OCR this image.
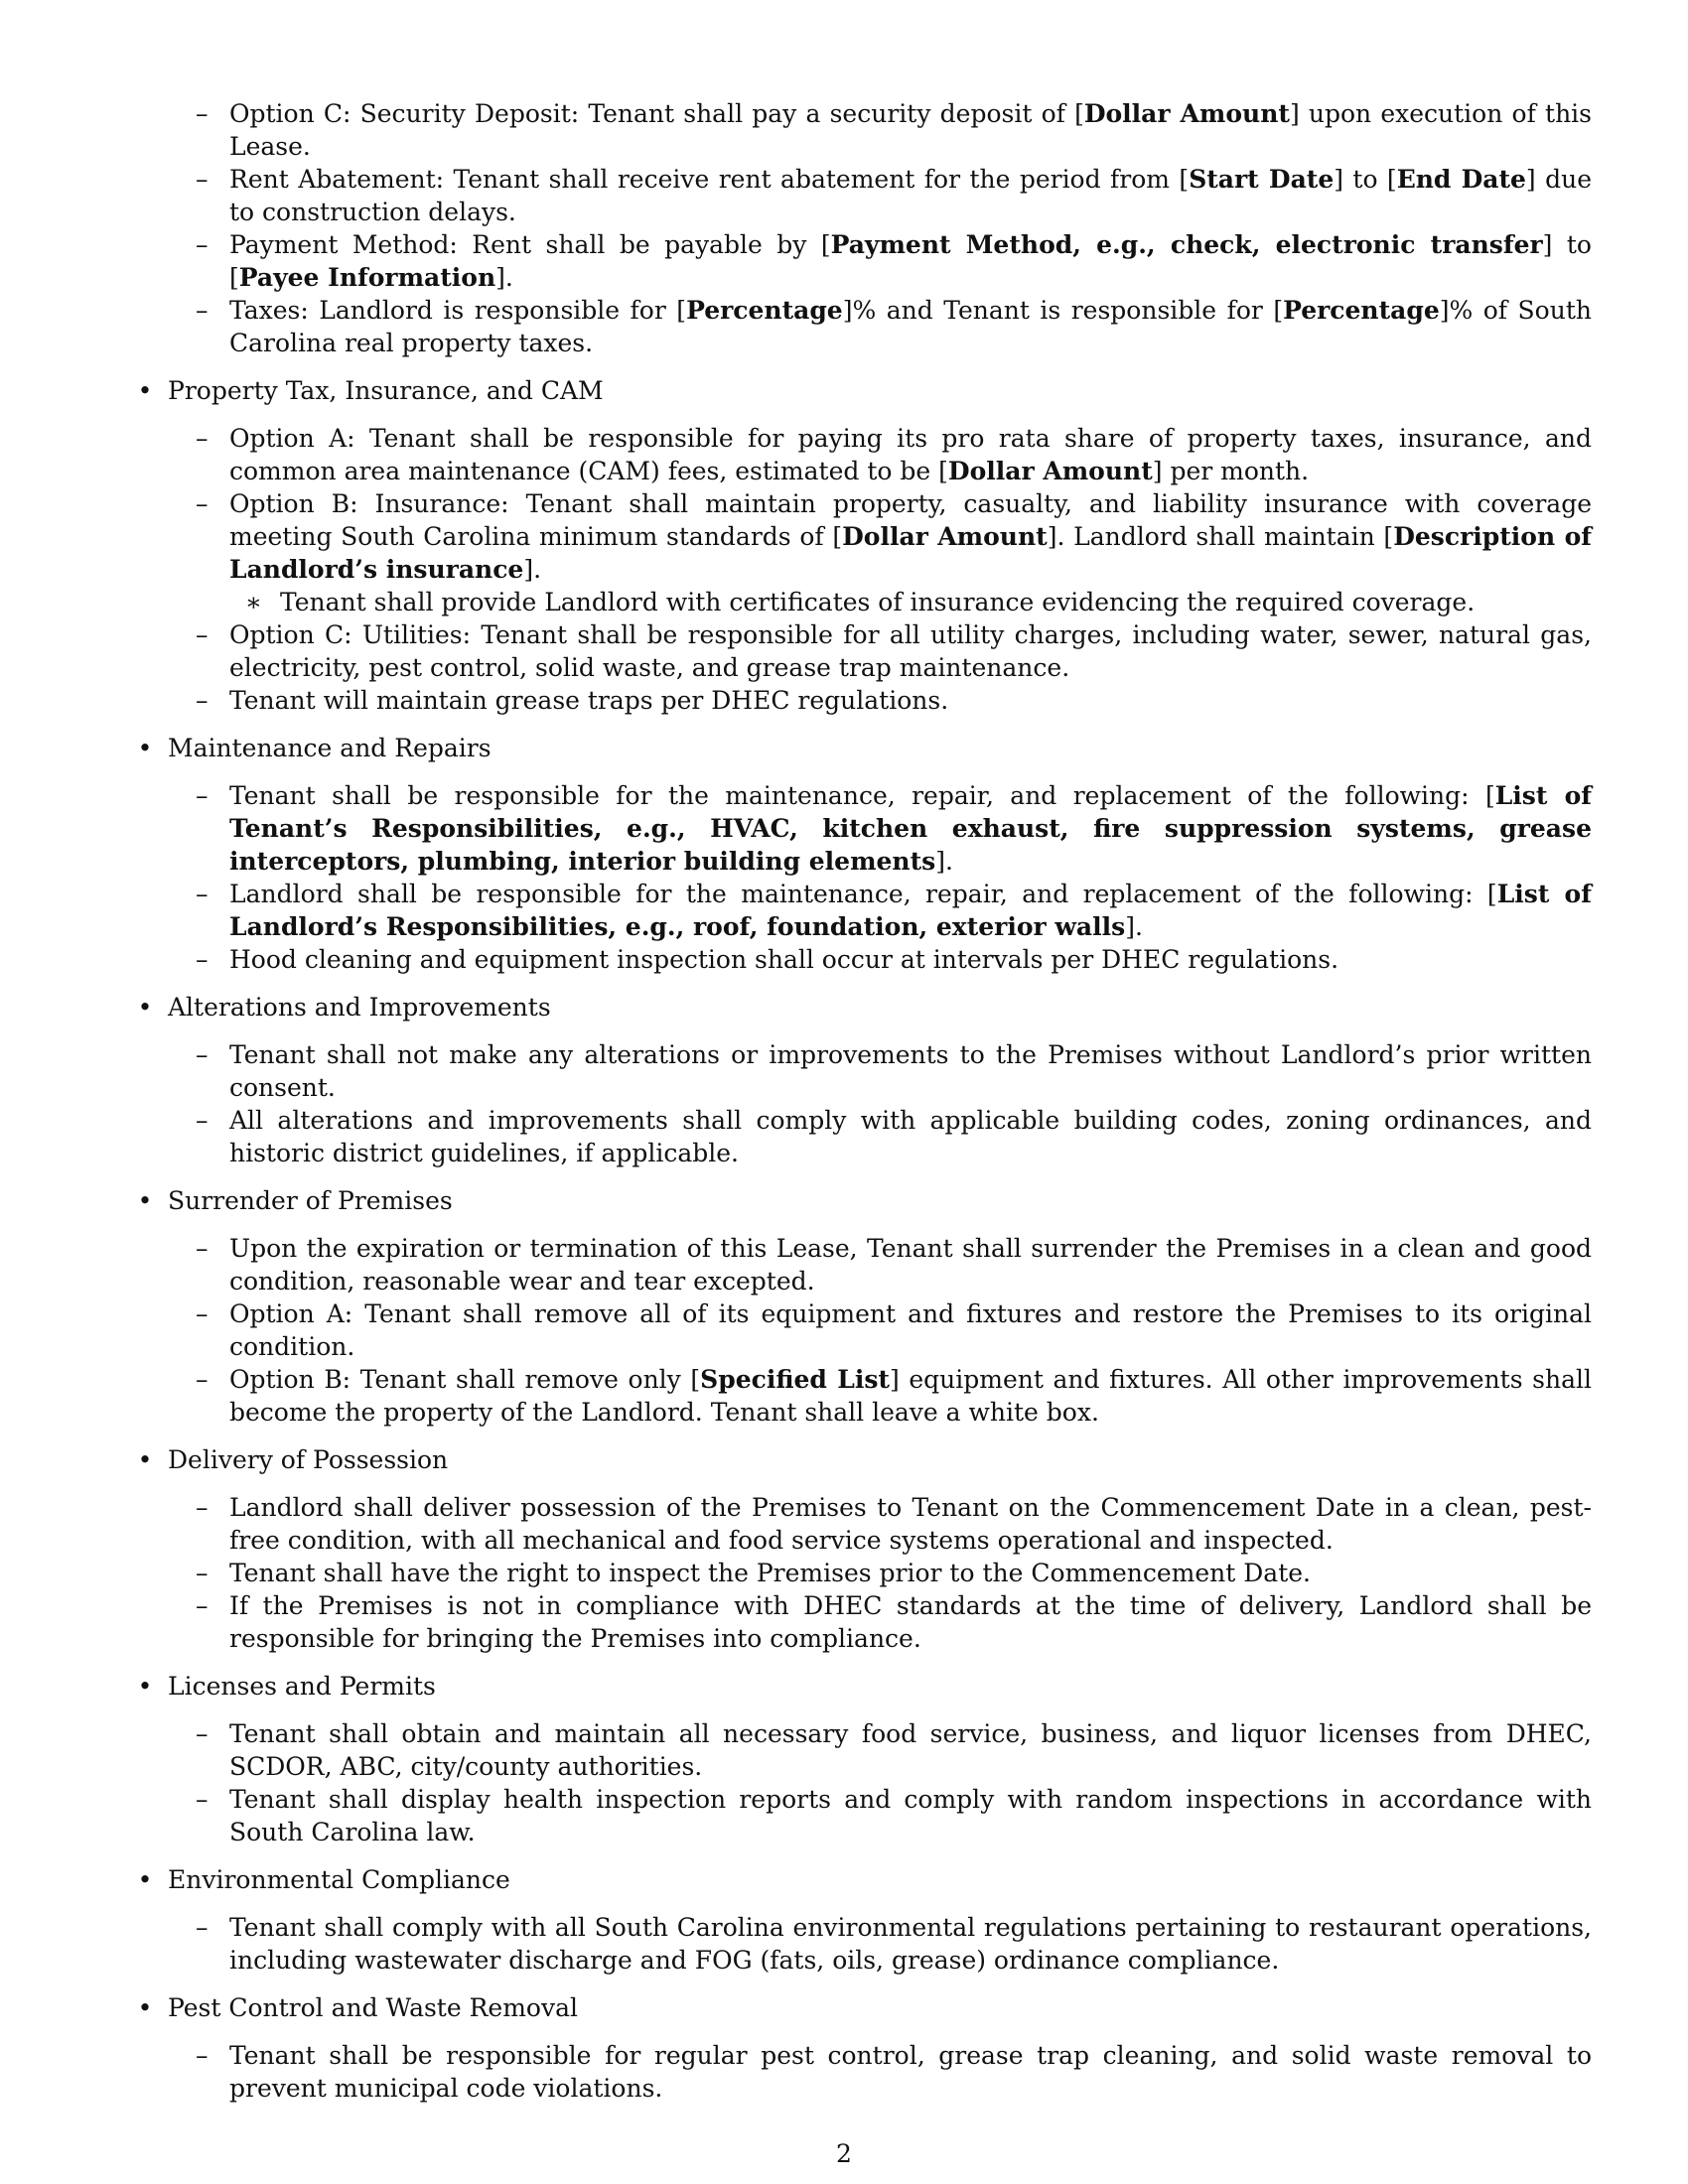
– Option C: Security Deposit: Tenant shall pay a security deposit of [Dollar Amount] upon execution of this Lease.
– Rent Abatement: Tenant shall receive rent abatement for the period from [Start Date] to [End Date] due to construction delays.
– Payment Method: Rent shall be payable by [Payment Method, e.g., check, electronic transfer] to [Payee Information].
– Taxes: Landlord is responsible for [Percentage]% and Tenant is responsible for [Percentage]% of South Carolina real property taxes.
• Property Tax, Insurance, and CAM
– Option A: Tenant shall be responsible for paying its pro rata share of property taxes, insurance, and common area maintenance (CAM) fees, estimated to be [Dollar Amount] per month.
– Option B: Insurance: Tenant shall maintain property, casualty, and liability insurance with coverage meeting South Carolina minimum standards of [Dollar Amount]. Landlord shall maintain [Description of Landlord’s insurance].
∗ Tenant shall provide Landlord with certificates of insurance evidencing the required coverage.
– Option C: Utilities: Tenant shall be responsible for all utility charges, including water, sewer, natural gas, electricity, pest control, solid waste, and grease trap maintenance.
– Tenant will maintain grease traps per DHEC regulations.
• Maintenance and Repairs
– Tenant shall be responsible for the maintenance, repair, and replacement of the following: [List of Tenant’s Responsibilities, e.g., HVAC, kitchen exhaust, fire suppression systems, grease interceptors, plumbing, interior building elements].
– Landlord shall be responsible for the maintenance, repair, and replacement of the following: [List of Landlord’s Responsibilities, e.g., roof, foundation, exterior walls].
– Hood cleaning and equipment inspection shall occur at intervals per DHEC regulations.
• Alterations and Improvements
– Tenant shall not make any alterations or improvements to the Premises without Landlord’s prior written consent.
– All alterations and improvements shall comply with applicable building codes, zoning ordinances, and historic district guidelines, if applicable.
• Surrender of Premises
– Upon the expiration or termination of this Lease, Tenant shall surrender the Premises in a clean and good condition, reasonable wear and tear excepted.
– Option A: Tenant shall remove all of its equipment and fixtures and restore the Premises to its original condition.
– Option B: Tenant shall remove only [Specified List] equipment and fixtures. All other improvements shall become the property of the Landlord. Tenant shall leave a white box.
• Delivery of Possession
– Landlord shall deliver possession of the Premises to Tenant on the Commencement Date in a clean, pest-free condition, with all mechanical and food service systems operational and inspected.
– Tenant shall have the right to inspect the Premises prior to the Commencement Date.
– If the Premises is not in compliance with DHEC standards at the time of delivery, Landlord shall be responsible for bringing the Premises into compliance.
• Licenses and Permits
– Tenant shall obtain and maintain all necessary food service, business, and liquor licenses from DHEC, SCDOR, ABC, city/county authorities.
– Tenant shall display health inspection reports and comply with random inspections in accordance with South Carolina law.
• Environmental Compliance
– Tenant shall comply with all South Carolina environmental regulations pertaining to restaurant operations, including wastewater discharge and FOG (fats, oils, grease) ordinance compliance.
• Pest Control and Waste Removal
– Tenant shall be responsible for regular pest control, grease trap cleaning, and solid waste removal to prevent municipal code violations.
2
